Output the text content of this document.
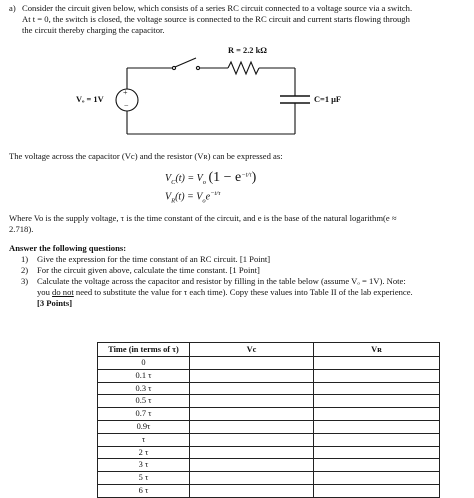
a) Consider the circuit given below, which consists of a series RC circuit connected to a voltage source via a switch.
At t = 0, the switch is closed, the voltage source is connected to the RC circuit and current starts flowing through
the circuit thereby charging the capacitor.
R = 2.2 kΩ
Vₒ = 1V
+
−
C=1 µF
The voltage across the capacitor (Vc) and the resistor (Vʀ) can be expressed as:
$V_C(t) = V_o$ $(1 - e^{-t/\tau})$
$V_R(t) = V_oe^{-t/\tau}$
Where Vo is the supply voltage, τ is the time constant of the circuit, and e is the base of the natural logarithm(e ≈
2.718).
Answer the following questions:
1) Give the expression for the time constant of an RC circuit. [1 Point]
2) For the circuit given above, calculate the time constant. [1 Point]
3) Calculate the voltage across the capacitor and resistor by filling in the table below (assume Vₒ = 1V). Note:
you do not need to substitute the value for τ each time). Copy these values into Table II of the lab experience.
[3 Points]
Time (in terms of τ)	Vc	Vʀ
0		
0.1 τ		
0.3 τ		
0.5 τ		
0.7 τ		
0.9τ		
τ		
2 τ		
3 τ		
5 τ		
6 τ		
